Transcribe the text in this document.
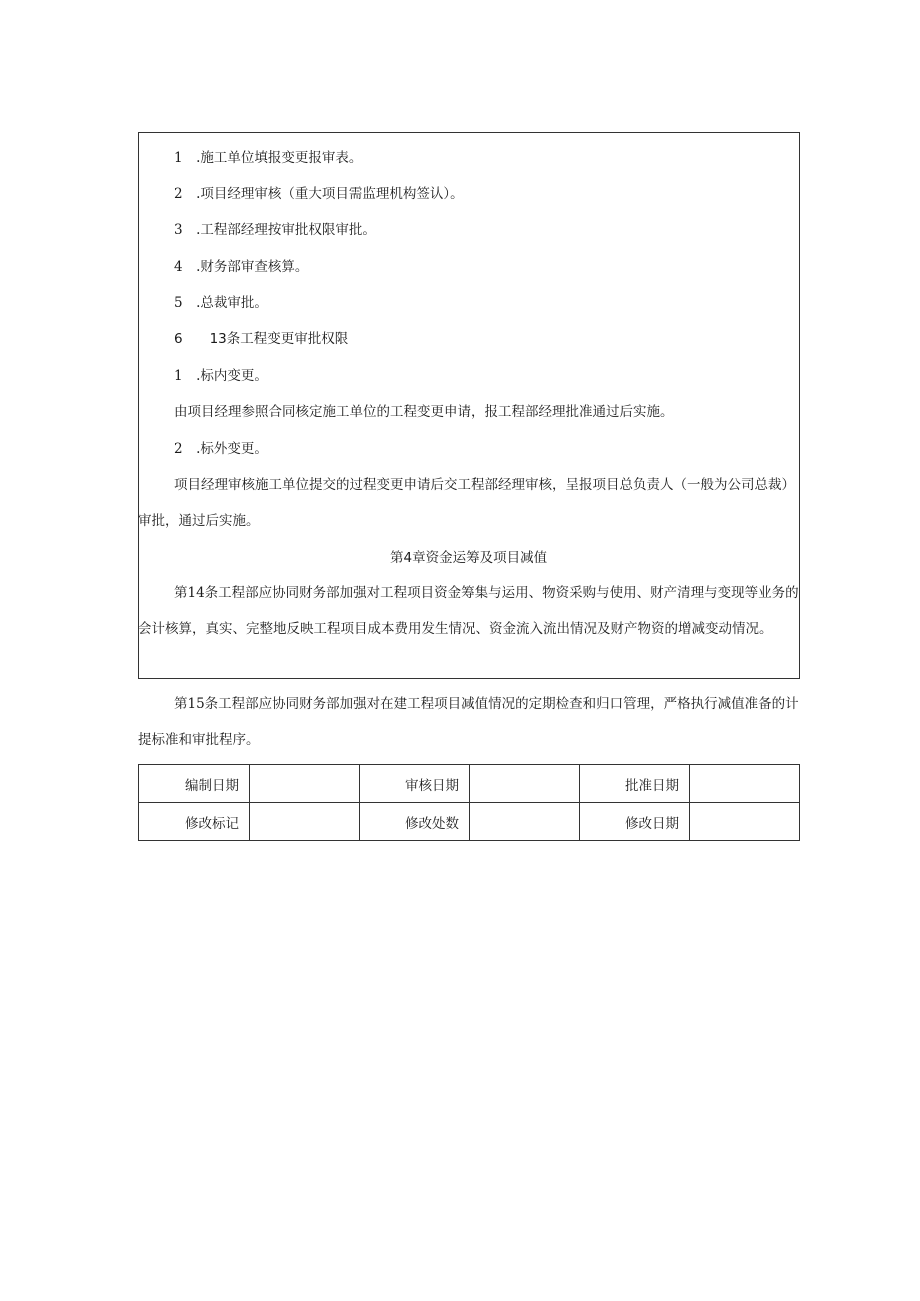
1　.施工单位填报变更报审表。
2　.项目经理审核（重大项目需监理机构签认）。
3　.工程部经理按审批权限审批。
4　.财务部审查核算。
5　.总裁审批。
6　　13条工程变更审批权限
1　.标内变更。
由项目经理参照合同核定施工单位的工程变更申请，报工程部经理批准通过后实施。
2　.标外变更。
项目经理审核施工单位提交的过程变更申请后交工程部经理审核，呈报项目总负责人（一般为公司总裁）审批，通过后实施。
第4章资金运筹及项目减值
第14条工程部应协同财务部加强对工程项目资金筹集与运用、物资采购与使用、财产清理与变现等业务的会计核算，真实、完整地反映工程项目成本费用发生情况、资金流入流出情况及财产物资的增减变动情况。
第15条工程部应协同财务部加强对在建工程项目减值情况的定期检查和归口管理，严格执行减值准备的计提标准和审批程序。
编制日期		审核日期		批准日期	
修改标记		修改处数		修改日期	
